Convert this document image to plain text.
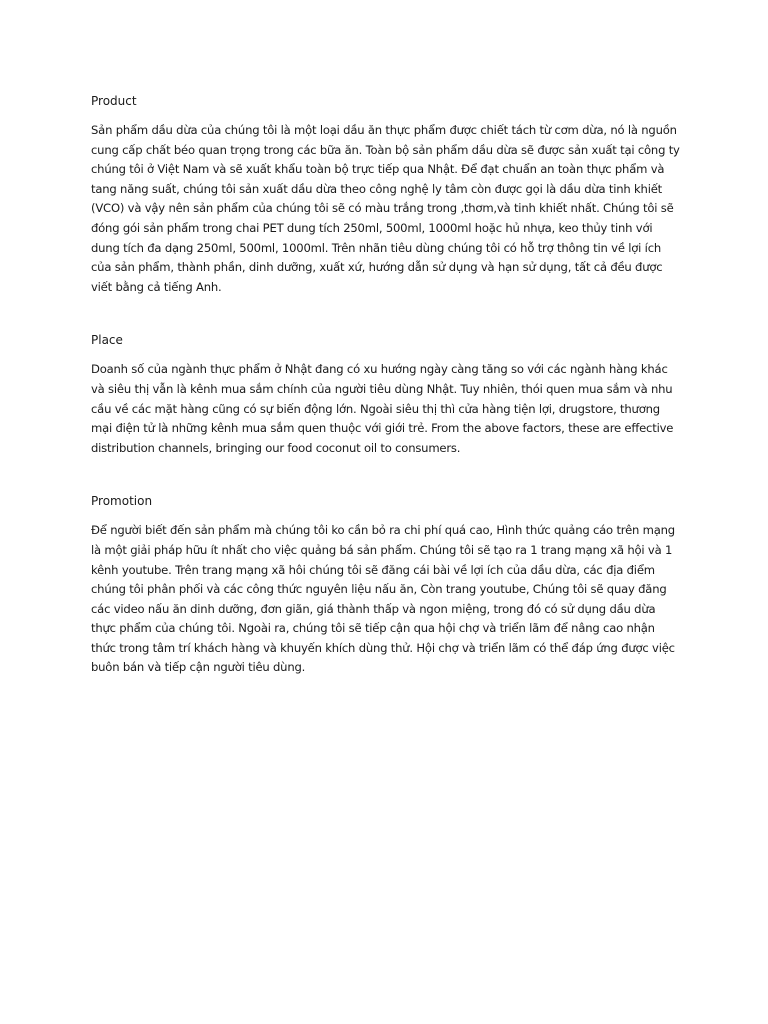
Product

Sản phẩm dầu dừa của chúng tôi là một loại dầu ăn thực phẩm được chiết tách từ cơm dừa, nó là nguồn cung cấp chất béo quan trọng trong các bữa ăn. Toàn bộ sản phẩm dầu dừa sẽ được sản xuất tại công ty chúng tôi ở Việt Nam và sẽ xuất khẩu toàn bộ trực tiếp qua Nhật. Để đạt chuẩn an toàn thực phẩm và tang năng suất, chúng tôi sản xuất dầu dừa theo công nghệ ly tâm còn được gọi là dầu dừa tinh khiết (VCO) và vậy nên sản phẩm của chúng tôi sẽ có màu trắng trong ,thơm,và tinh khiết nhất. Chúng tôi sẽ đóng gói sản phẩm trong chai PET dung tích 250ml, 500ml, 1000ml hoặc hủ nhựa, keo thủy tinh với dung tích đa dạng 250ml, 500ml, 1000ml. Trên nhãn tiêu dùng chúng tôi có hỗ trợ thông tin về lợi ích của sản phẩm, thành phần, dinh dưỡng, xuất xứ, hướng dẫn sử dụng và hạn sử dụng, tất cả đều được viết bằng cả tiếng Anh.

Place

Doanh số của ngành thực phẩm ở Nhật đang có xu hướng ngày càng tăng so với các ngành hàng khác và siêu thị vẫn là kênh mua sắm chính của người tiêu dùng Nhật. Tuy nhiên, thói quen mua sắm và nhu cầu về các mặt hàng cũng có sự biến động lớn. Ngoài siêu thị thì cửa hàng tiện lợi, drugstore, thương mại điện tử là những kênh mua sắm quen thuộc với giới trẻ. From the above factors, these are effective distribution channels, bringing our food coconut oil to consumers.

Promotion

Để người biết đến sản phẩm mà chúng tôi ko cần bỏ ra chi phí quá cao, Hình thức quảng cáo trên mạng là một giải pháp hữu ít nhất cho việc quảng bá sản phẩm. Chúng tôi sẽ tạo ra 1 trang mạng xã hội và 1 kênh youtube. Trên trang mạng xã hôi chúng tôi sẽ đăng cái bài về lợi ích của dầu dừa, các địa điểm chúng tôi phân phối và các công thức nguyên liệu nấu ăn, Còn trang youtube, Chúng tôi sẽ quay đăng các video nấu ăn dinh dưỡng, đơn giãn, giá thành thấp và ngon miệng, trong đó có sử dụng dầu dừa thực phẩm của chúng tôi. Ngoài ra, chúng tôi sẽ tiếp cận qua hội chợ và triển lãm để nâng cao nhận thức trong tâm trí khách hàng và khuyến khích dùng thử. Hội chợ và triển lãm có thể đáp ứng được việc buôn bán và tiếp cận người tiêu dùng.
